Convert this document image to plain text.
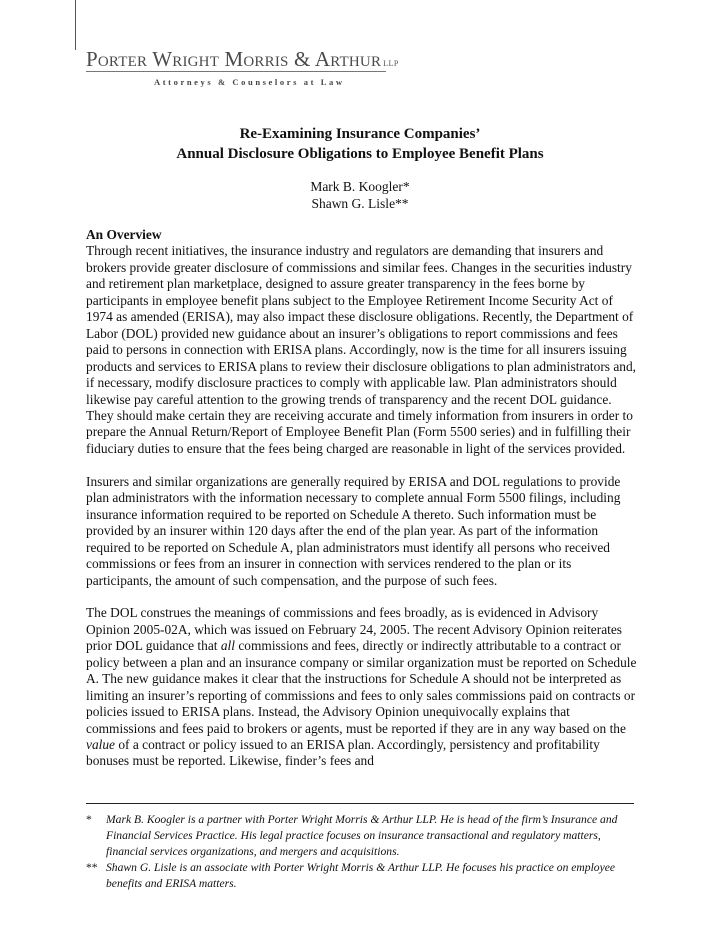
Porter Wright Morris & Arthur LLP
Attorneys & Counselors at Law
Re-Examining Insurance Companies’
Annual Disclosure Obligations to Employee Benefit Plans
Mark B. Koogler*
Shawn G. Lisle**

An Overview
Through recent initiatives, the insurance industry and regulators are demanding that insurers and brokers provide greater disclosure of commissions and similar fees. Changes in the securities industry and retirement plan marketplace, designed to assure greater transparency in the fees borne by participants in employee benefit plans subject to the Employee Retirement Income Security Act of 1974 as amended (ERISA), may also impact these disclosure obligations. Recently, the Department of Labor (DOL) provided new guidance about an insurer’s obligations to report commissions and fees paid to persons in connection with ERISA plans. Accordingly, now is the time for all insurers issuing products and services to ERISA plans to review their disclosure obligations to plan administrators and, if necessary, modify disclosure practices to comply with applicable law. Plan administrators should likewise pay careful attention to the growing trends of transparency and the recent DOL guidance. They should make certain they are receiving accurate and timely information from insurers in order to prepare the Annual Return/Report of Employee Benefit Plan (Form 5500 series) and in fulfilling their fiduciary duties to ensure that the fees being charged are reasonable in light of the services provided.

Insurers and similar organizations are generally required by ERISA and DOL regulations to provide plan administrators with the information necessary to complete annual Form 5500 filings, including insurance information required to be reported on Schedule A thereto. Such information must be provided by an insurer within 120 days after the end of the plan year. As part of the information required to be reported on Schedule A, plan administrators must identify all persons who received commissions or fees from an insurer in connection with services rendered to the plan or its participants, the amount of such compensation, and the purpose of such fees.

The DOL construes the meanings of commissions and fees broadly, as is evidenced in Advisory Opinion 2005-02A, which was issued on February 24, 2005. The recent Advisory Opinion reiterates prior DOL guidance that all commissions and fees, directly or indirectly attributable to a contract or policy between a plan and an insurance company or similar organization must be reported on Schedule A. The new guidance makes it clear that the instructions for Schedule A should not be interpreted as limiting an insurer’s reporting of commissions and fees to only sales commissions paid on contracts or policies issued to ERISA plans. Instead, the Advisory Opinion unequivocally explains that commissions and fees paid to brokers or agents, must be reported if they are in any way based on the value of a contract or policy issued to an ERISA plan. Accordingly, persistency and profitability bonuses must be reported. Likewise, finder’s fees and

* Mark B. Koogler is a partner with Porter Wright Morris & Arthur LLP. He is head of the firm’s Insurance and Financial Services Practice. His legal practice focuses on insurance transactional and regulatory matters, financial services organizations, and mergers and acquisitions.
** Shawn G. Lisle is an associate with Porter Wright Morris & Arthur LLP. He focuses his practice on employee benefits and ERISA matters.
